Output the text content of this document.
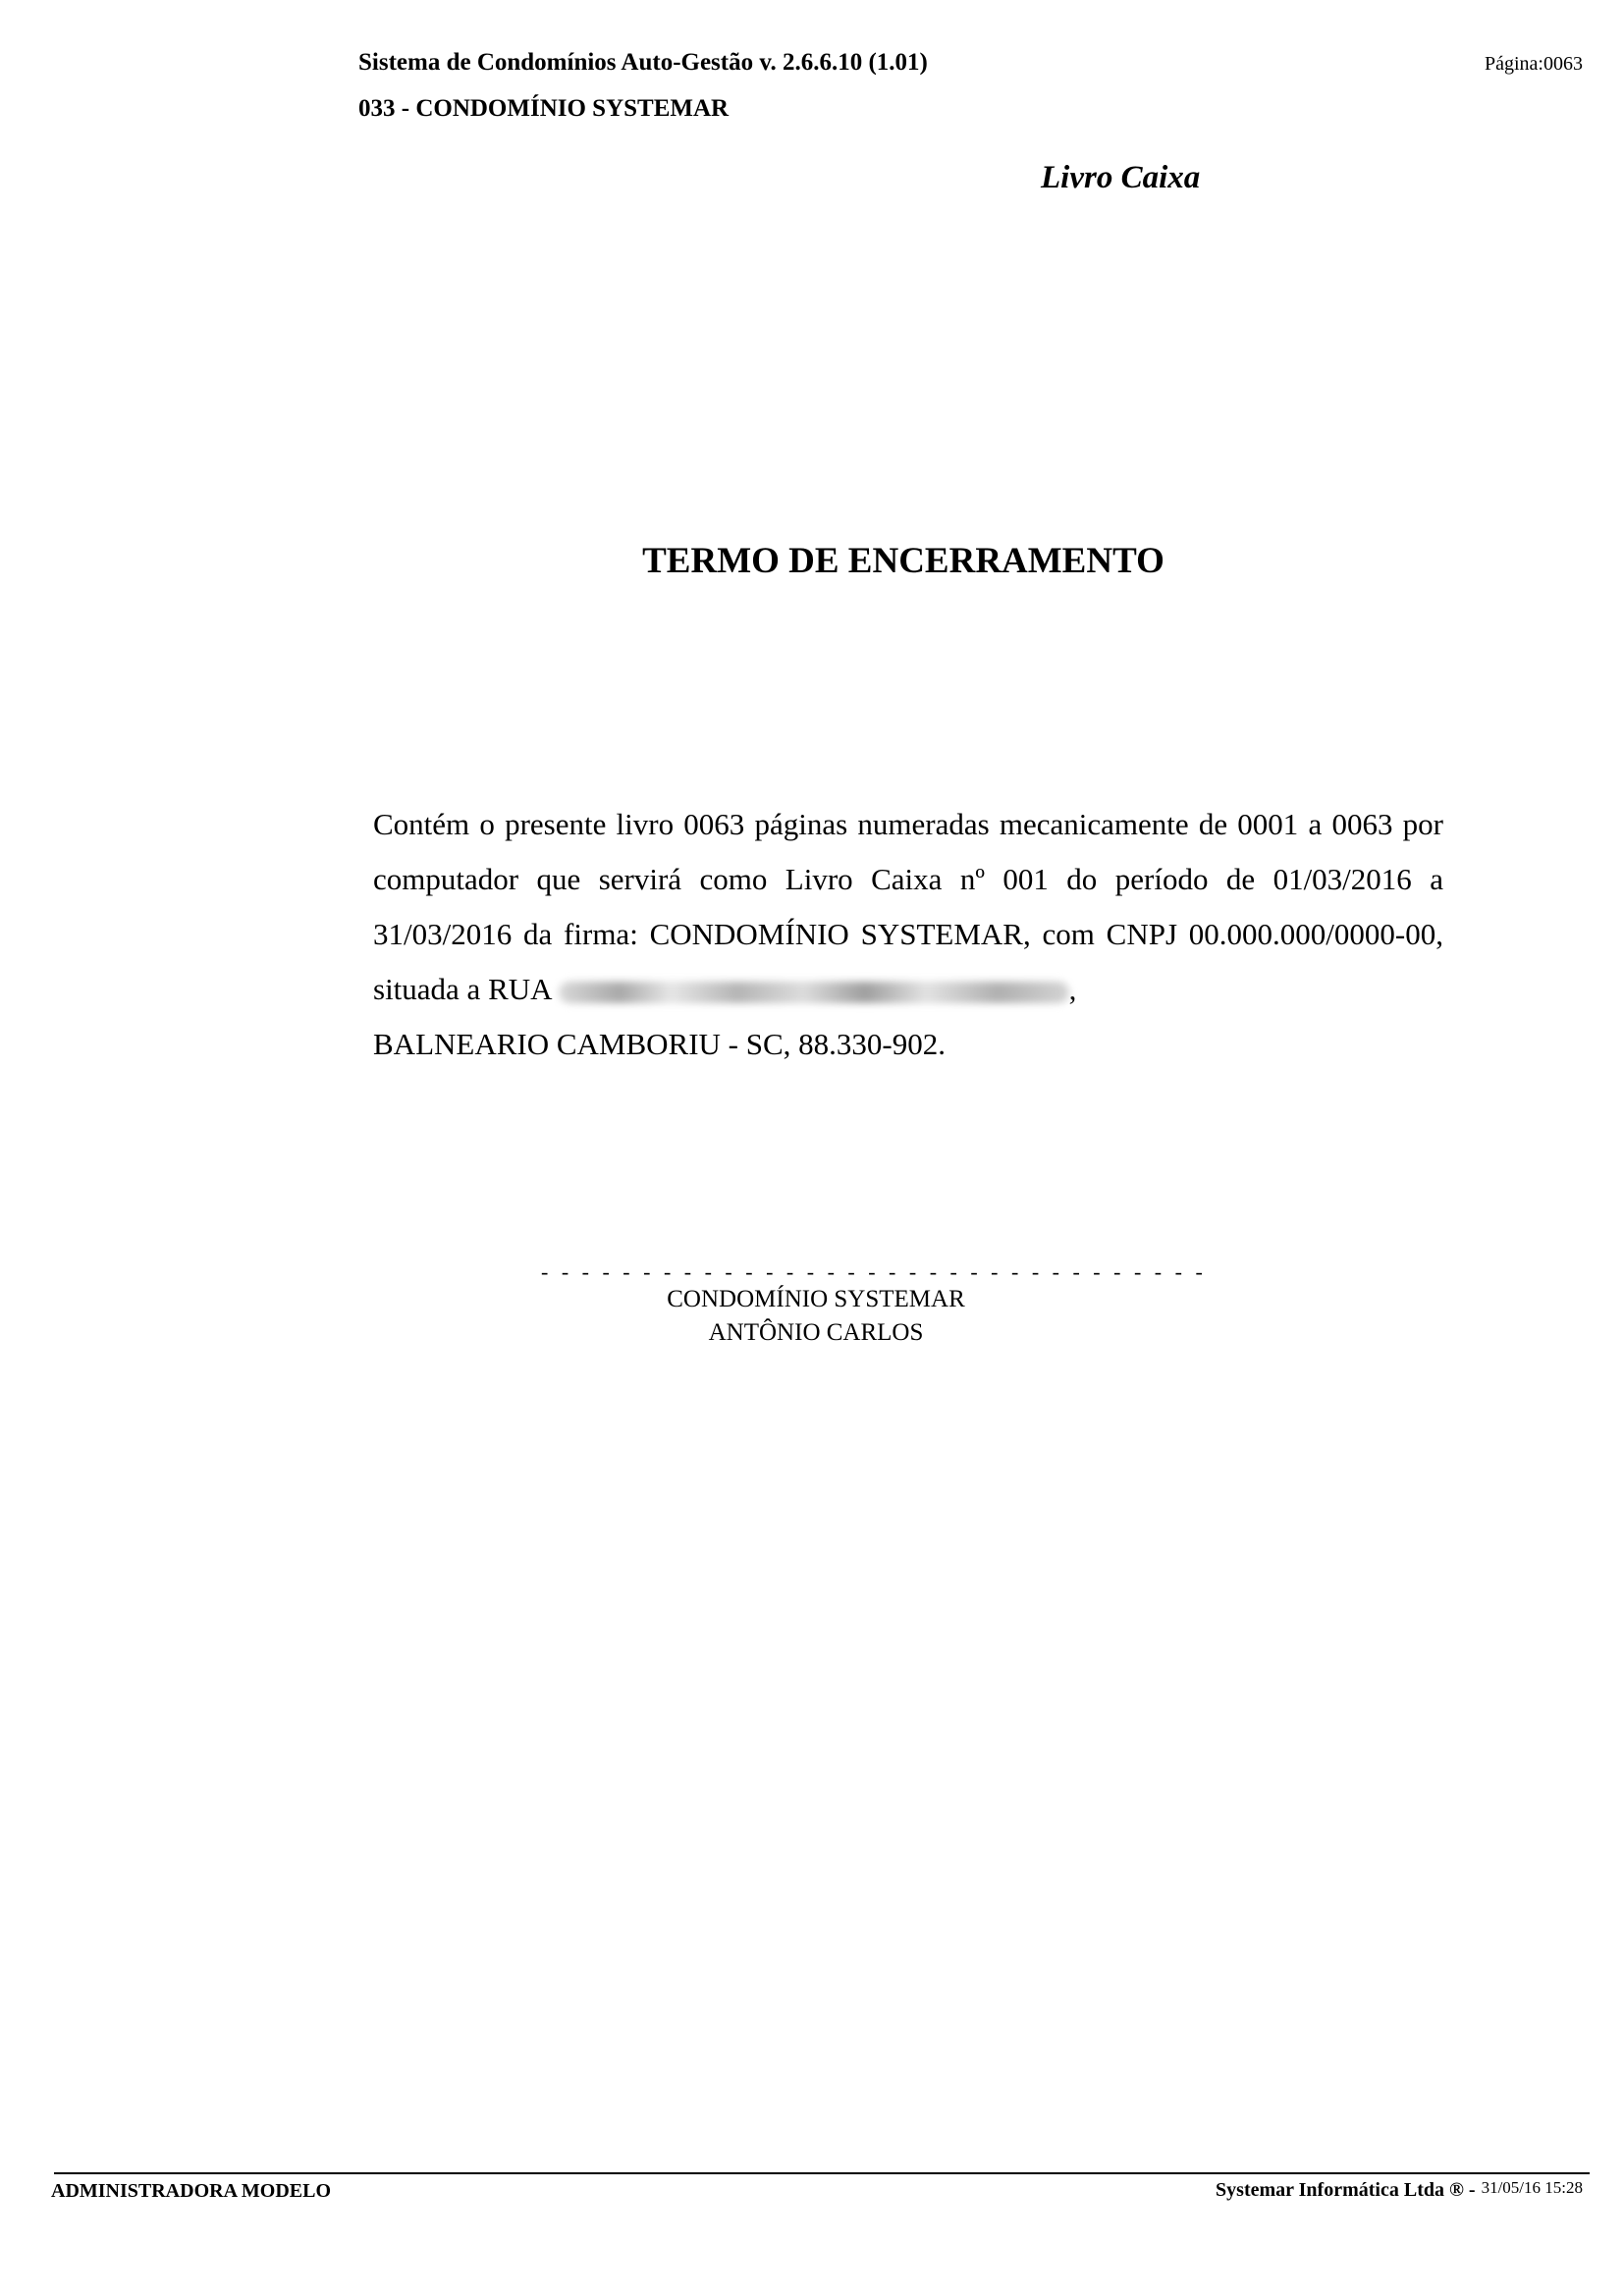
Sistema de Condomínios Auto-Gestão v. 2.6.6.10 (1.01)	Página:0063
033 - CONDOMÍNIO SYSTEMAR
Livro Caixa
TERMO DE ENCERRAMENTO

Contém o presente livro 0063 páginas numeradas mecanicamente de 0001 a 0063 por computador que servirá como Livro Caixa nº 001 do período de 01/03/2016 a 31/03/2016 da firma: CONDOMÍNIO SYSTEMAR, com CNPJ 00.000.000/0000-00, situada a RUA	,

BALNEARIO CAMBORIU - SC, 88.330-902.

- - - - - - - - - - - - - - - - - - - - - - - - - - - - - - - - -
CONDOMÍNIO SYSTEMAR
ANTÔNIO CARLOS
ADMINISTRADORA MODELO	Systemar Informática Ltda ® - 31/05/16 15:28
